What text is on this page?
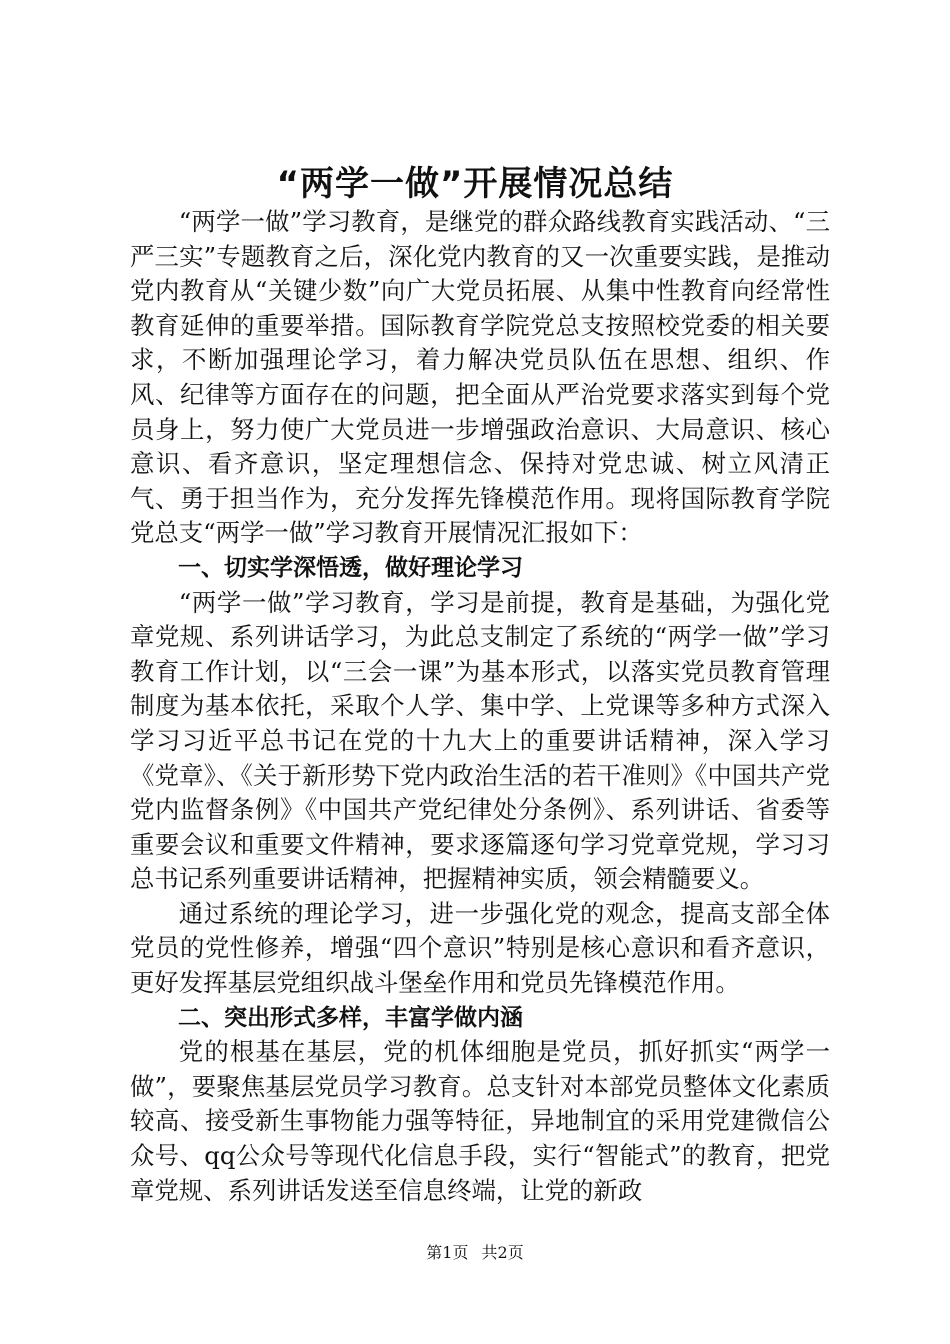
“两学一做”开展情况总结

“两学一做”学习教育，是继党的群众路线教育实践活动、“三严三实”专题教育之后，深化党内教育的又一次重要实践，是推动党内教育从“关键少数”向广大党员拓展、从集中性教育向经常性教育延伸的重要举措。国际教育学院党总支按照校党委的相关要求，不断加强理论学习，着力解决党员队伍在思想、组织、作风、纪律等方面存在的问题，把全面从严治党要求落实到每个党员身上，努力使广大党员进一步增强政治意识、大局意识、核心意识、看齐意识，坚定理想信念、保持对党忠诚、树立风清正气、勇于担当作为，充分发挥先锋模范作用。现将国际教育学院党总支“两学一做”学习教育开展情况汇报如下：

一、切实学深悟透，做好理论学习

“两学一做”学习教育，学习是前提，教育是基础，为强化党章党规、系列讲话学习，为此总支制定了系统的“两学一做”学习教育工作计划，以“三会一课”为基本形式，以落实党员教育管理制度为基本依托，采取个人学、集中学、上党课等多种方式深入学习习近平总书记在党的十九大上的重要讲话精神，深入学习《党章》、《关于新形势下党内政治生活的若干准则》《中国共产党党内监督条例》《中国共产党纪律处分条例》、系列讲话、省委等重要会议和重要文件精神，要求逐篇逐句学习党章党规，学习习总书记系列重要讲话精神，把握精神实质，领会精髓要义。

通过系统的理论学习，进一步强化党的观念，提高支部全体党员的党性修养，增强“四个意识”特别是核心意识和看齐意识，更好发挥基层党组织战斗堡垒作用和党员先锋模范作用。

二、突出形式多样，丰富学做内涵

党的根基在基层，党的机体细胞是党员，抓好抓实“两学一做”，要聚焦基层党员学习教育。总支针对本部党员整体文化素质较高、接受新生事物能力强等特征，异地制宜的采用党建微信公众号、qq公众号等现代化信息手段，实行“智能式”的教育，把党章党规、系列讲话发送至信息终端，让党的新政

第1页 共2页
